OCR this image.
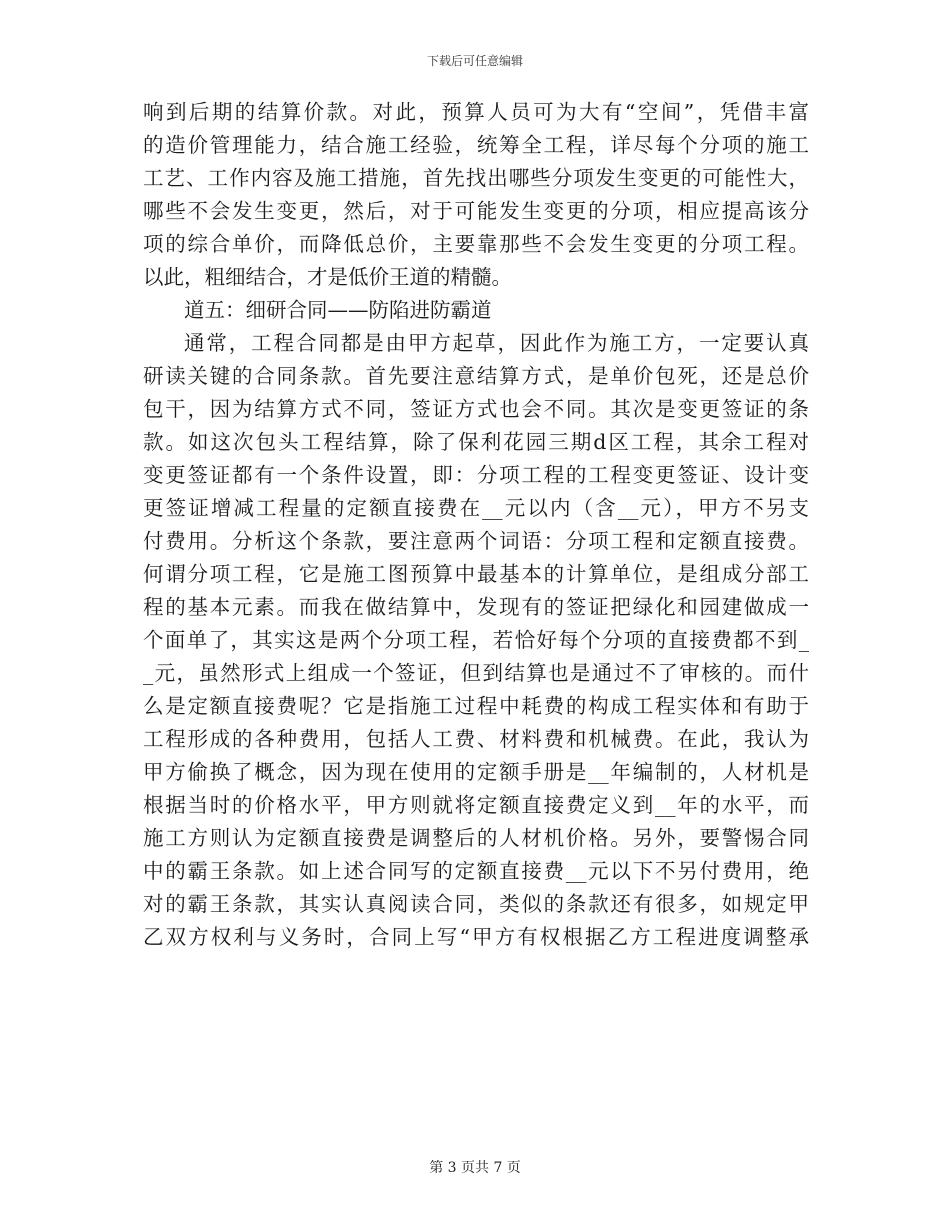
下载后可任意编辑
响到后期的结算价款。对此，预算人员可为大有“空间”，凭借丰富
的造价管理能力，结合施工经验，统筹全工程，详尽每个分项的施工
工艺、工作内容及施工措施，首先找出哪些分项发生变更的可能性大，
哪些不会发生变更，然后，对于可能发生变更的分项，相应提高该分
项的综合单价，而降低总价，主要靠那些不会发生变更的分项工程。
以此，粗细结合，才是低价王道的精髓。
道五：细研合同——防陷进防霸道
通常，工程合同都是由甲方起草，因此作为施工方，一定要认真
研读关键的合同条款。首先要注意结算方式，是单价包死，还是总价
包干，因为结算方式不同，签证方式也会不同。其次是变更签证的条
款。如这次包头工程结算，除了保利花园三期d区工程，其余工程对
变更签证都有一个条件设置，即：分项工程的工程变更签证、设计变
更签证增减工程量的定额直接费在__元以内（含__元），甲方不另支
付费用。分析这个条款，要注意两个词语：分项工程和定额直接费。
何谓分项工程，它是施工图预算中最基本的计算单位，是组成分部工
程的基本元素。而我在做结算中，发现有的签证把绿化和园建做成一
个面单了，其实这是两个分项工程，若恰好每个分项的直接费都不到_
_元，虽然形式上组成一个签证，但到结算也是通过不了审核的。而什
么是定额直接费呢？它是指施工过程中耗费的构成工程实体和有助于
工程形成的各种费用，包括人工费、材料费和机械费。在此，我认为
甲方偷换了概念，因为现在使用的定额手册是__年编制的，人材机是
根据当时的价格水平，甲方则就将定额直接费定义到__年的水平，而
施工方则认为定额直接费是调整后的人材机价格。另外，要警惕合同
中的霸王条款。如上述合同写的定额直接费__元以下不另付费用，绝
对的霸王条款，其实认真阅读合同，类似的条款还有很多，如规定甲
乙双方权利与义务时，合同上写“甲方有权根据乙方工程进度调整承
第 3 页共 7 页
